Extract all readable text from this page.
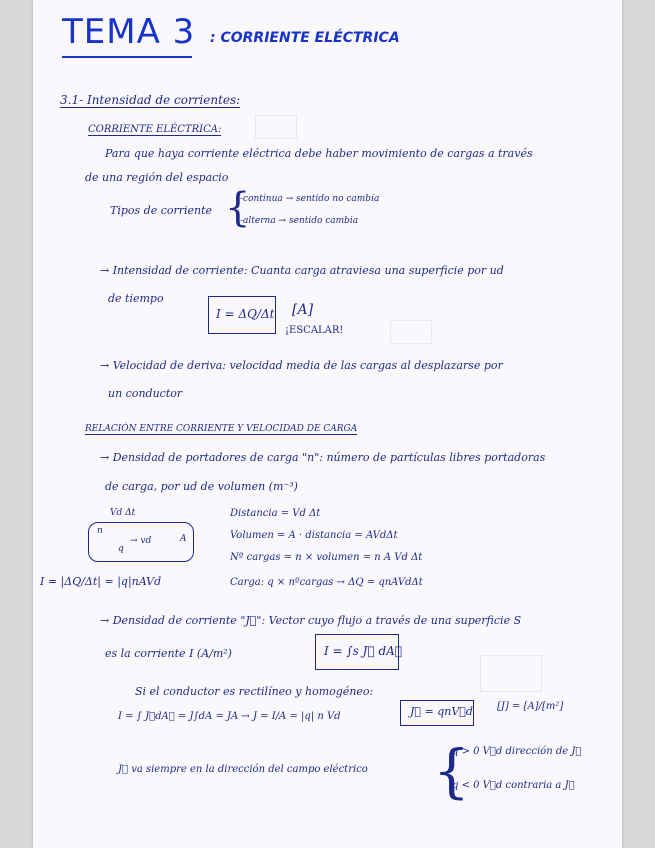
TEMA 3 : CORRIENTE ELÉCTRICA
3.1- Intensidad de corrientes:
CORRIENTE ELÉCTRICA:
Para que haya corriente eléctrica debe haber movimiento de cargas a través
de una región del espacio
Tipos de corriente {
-continua → sentido no cambia
-alterna → sentido cambia
→ Intensidad de corriente: Cuanta carga atraviesa una superficie por ud
de tiempo
I = ΔQ/Δt [A]
¡ESCALAR!
→ Velocidad de deriva: velocidad media de las cargas al desplazarse por
un conductor
RELACIÓN ENTRE CORRIENTE Y VELOCIDAD DE CARGA
→ Densidad de portadores de carga "n": número de partículas libres portadoras
de carga, por ud de volumen (m⁻³)
Vd Δt
n
q
→ vd	A
Distancia = Vd Δt
Volumen = A · distancia = AVdΔt
Nº cargas = n × volumen = n A Vd Δt
Carga: q × nºcargas → ΔQ = qnAVdΔt
I = |ΔQ/Δt| = |q|nAVd
→ Densidad de corriente "J⃗": Vector cuyo flujo a través de una superficie S
es la corriente I (A/m²)	I = ∫s J⃗ dA⃗
Si el conductor es rectilíneo y homogéneo:
I = ∫ J⃗dA⃗ = J∫dA = JA → J = I/A = |q| n Vd	J⃗ = qnV⃗d [J] = [A]/[m²]
J⃗ va siempre en la dirección del campo eléctrico {
q > 0 V⃗d dirección de J⃗
q < 0 V⃗d contraria a J⃗
